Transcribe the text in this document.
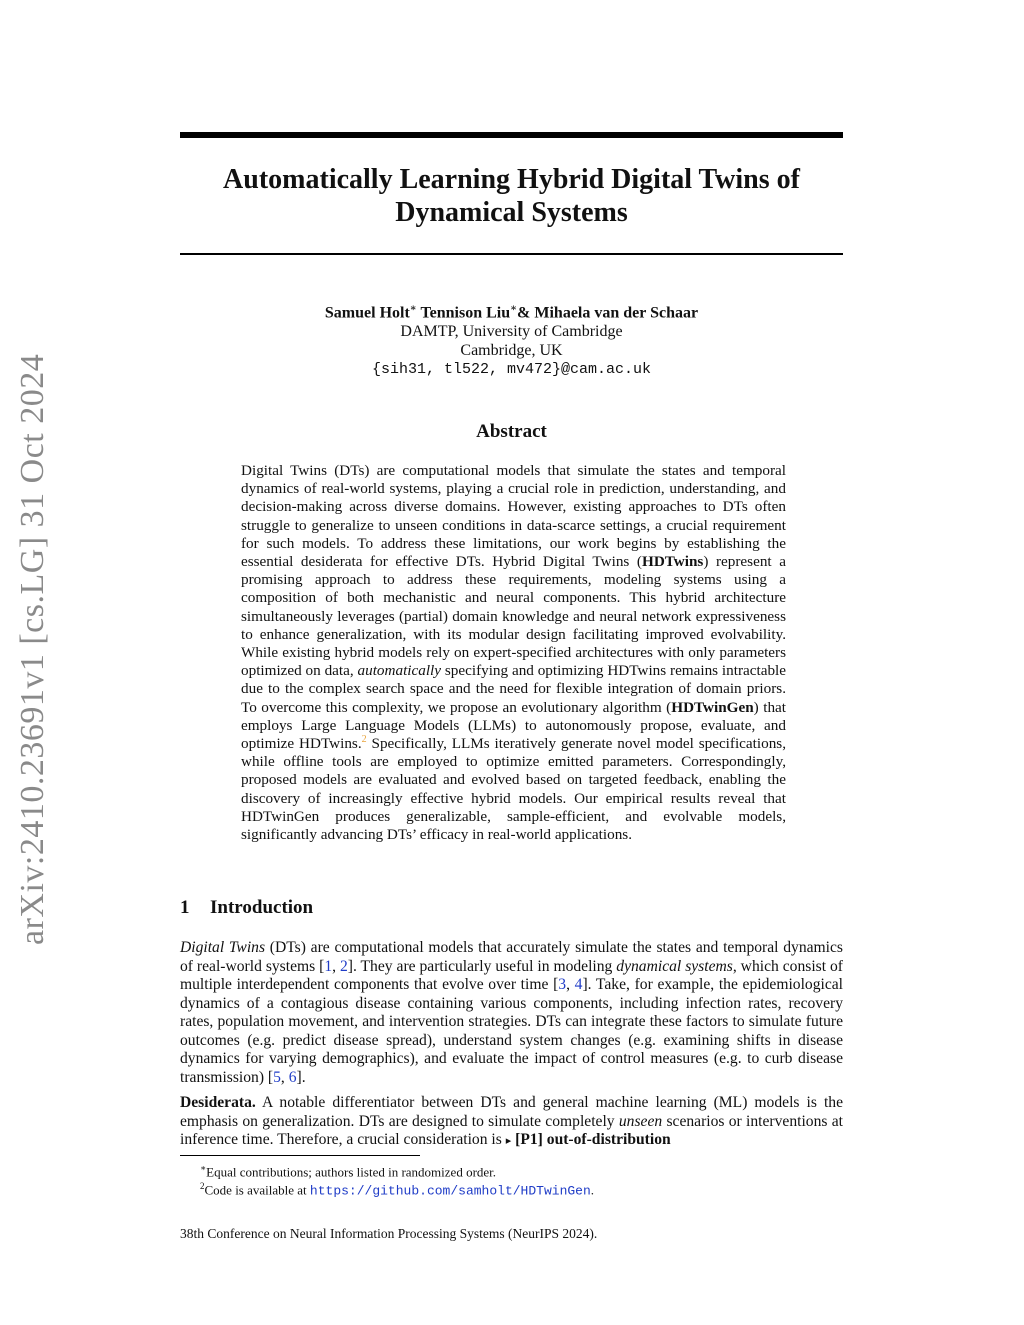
arXiv:2410.23691v1 [cs.LG] 31 Oct 2024
Automatically Learning Hybrid Digital Twins of Dynamical Systems
Samuel Holt∗ Tennison Liu∗& Mihaela van der Schaar
DAMTP, University of Cambridge
Cambridge, UK
{sih31, tl522, mv472}@cam.ac.uk
Abstract

Digital Twins (DTs) are computational models that simulate the states and temporal dynamics of real-world systems, playing a crucial role in prediction, understanding, and decision-making across diverse domains. However, existing approaches to DTs often struggle to generalize to unseen conditions in data-scarce settings, a crucial requirement for such models. To address these limitations, our work begins by establishing the essential desiderata for effective DTs. Hybrid Digital Twins (HDTwins) represent a promising approach to address these requirements, modeling systems using a composition of both mechanistic and neural components. This hybrid architecture simultaneously leverages (partial) domain knowledge and neural network expressiveness to enhance generalization, with its modular design facilitating improved evolvability. While existing hybrid models rely on expert-specified architectures with only parameters optimized on data, automatically specifying and optimizing HDTwins remains intractable due to the complex search space and the need for flexible integration of domain priors. To overcome this complexity, we propose an evolutionary algorithm (HDTwinGen) that employs Large Language Models (LLMs) to autonomously propose, evaluate, and optimize HDTwins.$^2$ Specifically, LLMs iteratively generate novel model specifications, while offline tools are employed to optimize emitted parameters. Correspondingly, proposed models are evaluated and evolved based on targeted feedback, enabling the discovery of increasingly effective hybrid models. Our empirical results reveal that HDTwinGen produces generalizable, sample-efficient, and evolvable models, significantly advancing DTs’ efficacy in real-world applications.

1 Introduction

Digital Twins (DTs) are computational models that accurately simulate the states and temporal dynamics of real-world systems [1, 2]. They are particularly useful in modeling dynamical systems, which consist of multiple interdependent components that evolve over time [3, 4]. Take, for example, the epidemiological dynamics of a contagious disease containing various components, including infection rates, recovery rates, population movement, and intervention strategies. DTs can integrate these factors to simulate future outcomes (e.g. predict disease spread), understand system changes (e.g. examining shifts in disease dynamics for varying demographics), and evaluate the impact of control measures (e.g. to curb disease transmission) [5, 6].

Desiderata. A notable differentiator between DTs and general machine learning (ML) models is the emphasis on generalization. DTs are designed to simulate completely unseen scenarios or interventions at inference time. Therefore, a crucial consideration is ▸ [P1] out-of-distribution

∗Equal contributions; authors listed in randomized order.
$^2$Code is available at https://github.com/samholt/HDTwinGen.
38th Conference on Neural Information Processing Systems (NeurIPS 2024).
